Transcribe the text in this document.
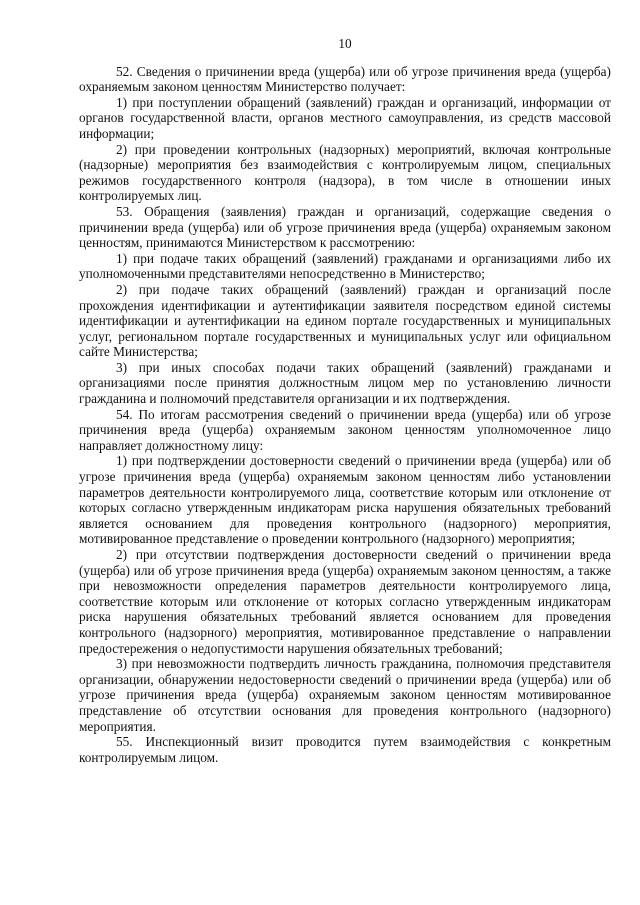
10

52. Сведения о причинении вреда (ущерба) или об угрозе причинения вреда (ущерба) охраняемым законом ценностям Министерство получает:

1) при поступлении обращений (заявлений) граждан и организаций, информации от органов государственной власти, органов местного самоуправления, из средств массовой информации;

2) при проведении контрольных (надзорных) мероприятий, включая контрольные (надзорные) мероприятия без взаимодействия с контролируемым лицом, специальных режимов государственного контроля (надзора), в том числе в отношении иных контролируемых лиц.

53. Обращения (заявления) граждан и организаций, содержащие сведения о причинении вреда (ущерба) или об угрозе причинения вреда (ущерба) охраняемым законом ценностям, принимаются Министерством к рассмотрению:

1) при подаче таких обращений (заявлений) гражданами и организациями либо их уполномоченными представителями непосредственно в Министерство;

2) при подаче таких обращений (заявлений) граждан и организаций после прохождения идентификации и аутентификации заявителя посредством единой системы идентификации и аутентификации на едином портале государственных и муниципальных услуг, региональном портале государственных и муниципальных услуг или официальном сайте Министерства;

3) при иных способах подачи таких обращений (заявлений) гражданами и организациями после принятия должностным лицом мер по установлению личности гражданина и полномочий представителя организации и их подтверждения.

54. По итогам рассмотрения сведений о причинении вреда (ущерба) или об угрозе причинения вреда (ущерба) охраняемым законом ценностям уполномоченное лицо направляет должностному лицу:

1) при подтверждении достоверности сведений о причинении вреда (ущерба) или об угрозе причинения вреда (ущерба) охраняемым законом ценностям либо установлении параметров деятельности контролируемого лица, соответствие которым или отклонение от которых согласно утвержденным индикаторам риска нарушения обязательных требований является основанием для проведения контрольного (надзорного) мероприятия, мотивированное представление о проведении контрольного (надзорного) мероприятия;

2) при отсутствии подтверждения достоверности сведений о причинении вреда (ущерба) или об угрозе причинения вреда (ущерба) охраняемым законом ценностям, а также при невозможности определения параметров деятельности контролируемого лица, соответствие которым или отклонение от которых согласно утвержденным индикаторам риска нарушения обязательных требований является основанием для проведения контрольного (надзорного) мероприятия, мотивированное представление о направлении предостережения о недопустимости нарушения обязательных требований;

3) при невозможности подтвердить личность гражданина, полномочия представителя организации, обнаружении недостоверности сведений о причинении вреда (ущерба) или об угрозе причинения вреда (ущерба) охраняемым законом ценностям мотивированное представление об отсутствии основания для проведения контрольного (надзорного) мероприятия.

55. Инспекционный визит проводится путем взаимодействия с конкретным контролируемым лицом.
